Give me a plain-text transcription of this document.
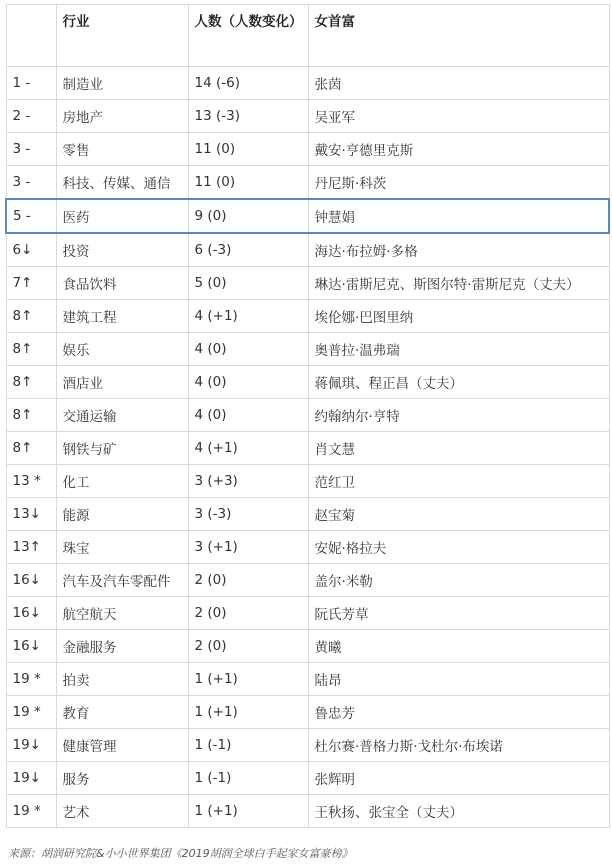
	行业	人数（人数变化）	女首富
1 -	制造业	14 (-6)	张茵
2 -	房地产	13 (-3)	吴亚军
3 -	零售	11 (0)	戴安·亨德里克斯
3 -	科技、传媒、通信	11 (0)	丹尼斯·科茨
5 -	医药	9 (0)	钟慧娟
6↓	投资	6 (-3)	海达·布拉姆·多格
7↑	食品饮料	5 (0)	琳达·雷斯尼克、斯图尔特·雷斯尼克（丈夫）
8↑	建筑工程	4 (+1)	埃伦娜·巴图里纳
8↑	娱乐	4 (0)	奥普拉·温弗瑞
8↑	酒店业	4 (0)	蒋佩琪、程正昌（丈夫）
8↑	交通运输	4 (0)	约翰纳尔·亨特
8↑	钢铁与矿	4 (+1)	肖文慧
13 *	化工	3 (+3)	范红卫
13↓	能源	3 (-3)	赵宝菊
13↑	珠宝	3 (+1)	安妮·格拉夫
16↓	汽车及汽车零配件	2 (0)	盖尔·米勒
16↓	航空航天	2 (0)	阮氏芳草
16↓	金融服务	2 (0)	黄曦
19 *	拍卖	1 (+1)	陆昂
19 *	教育	1 (+1)	鲁忠芳
19↓	健康管理	1 (-1)	杜尔赛·普格力斯·戈杜尔·布埃诺
19↓	服务	1 (-1)	张辉明
19 *	艺术	1 (+1)	王秋扬、张宝全（丈夫）
来源：胡润研究院&小小世界集团《2019胡润全球白手起家女富豪榜》
